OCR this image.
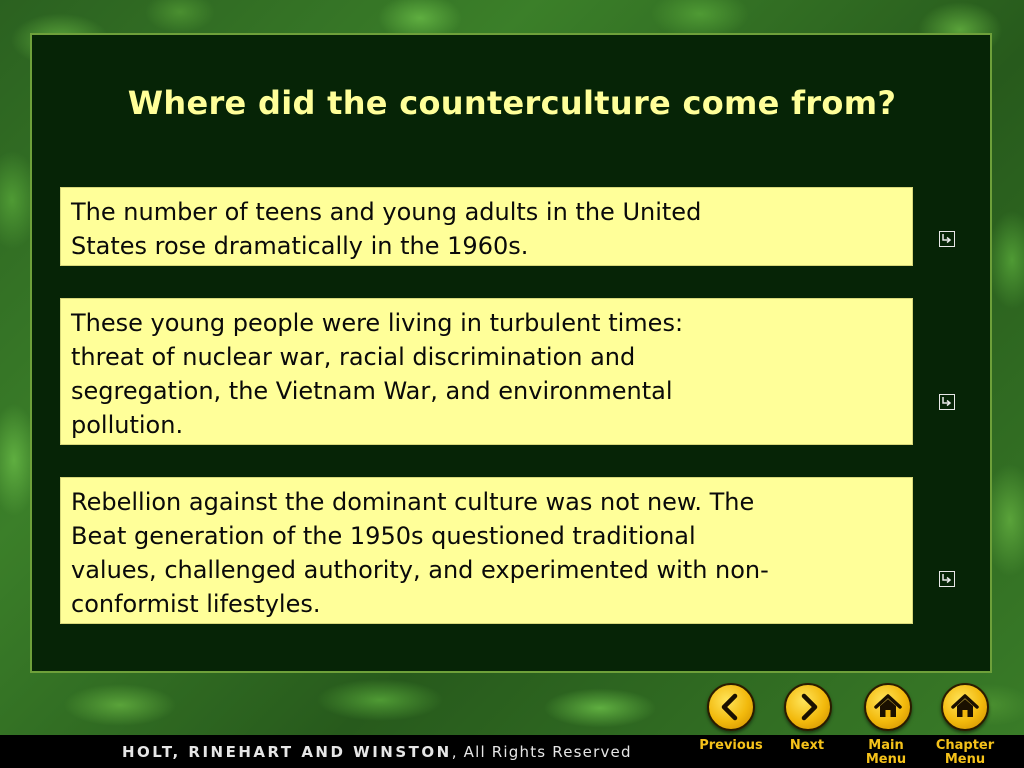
Where did the counterculture come from?
The number of teens and young adults in the United
States rose dramatically in the 1960s.
These young people were living in turbulent times:
threat of nuclear war, racial discrimination and
segregation, the Vietnam War, and environmental
pollution.
Rebellion against the dominant culture was not new. The
Beat generation of the 1950s questioned traditional
values, challenged authority, and experimented with non-
conformist lifestyles.
HOLT, RINEHART AND WINSTON, All Rights Reserved	Previous	Next	Main
Menu
Chapter
Menu
